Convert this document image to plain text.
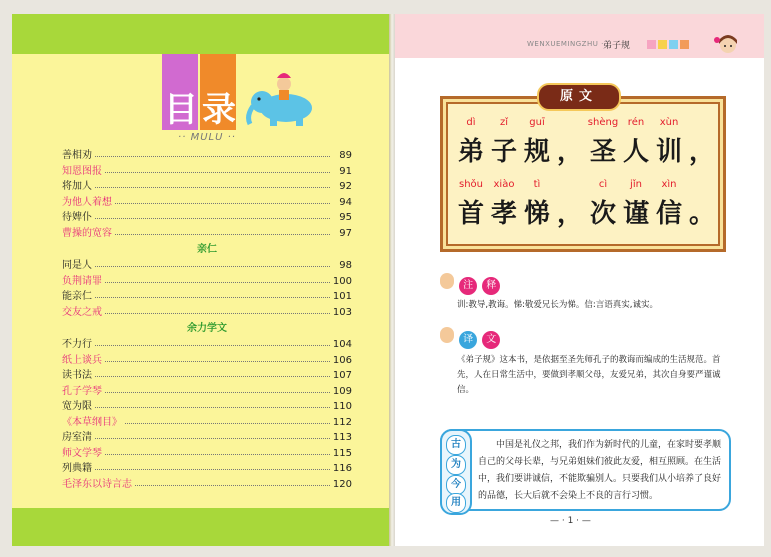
目 录
·· MULU ··
善相劝	89
知恩图报	91
将加人	92
为他人着想	94
待婢仆	95
曹操的宽容	97
亲仁
同是人	98
负荆请罪	100
能亲仁	101
交友之戒	103
余力学文
不力行	104
纸上谈兵	106
读书法	107
孔子学琴	109
宽为限	110
《本草纲目》	112
房室清	113
师文学琴	115
列典籍	116
毛泽东以诗言志	120
WENXUEMINGZHU ···
弟子规
dì
弟
zǐ
子
guī
规 ，
shèng
圣
rén
人
xùn
训 ，
shǒu
首
xiào
孝
tì
悌 ，
cì
次
jǐn
谨
xìn
信 。
原文
注 释
训:教导,教诲。悌:敬爱兄长为悌。信:言语真实,诚实。
译 文
《弟子规》这本书，是依据至圣先师孔子的教诲而编成的生活规范。首先，人在日常生活中，要做到孝顺父母，友爱兄弟，其次自身要严谨诚信。
古
为
今
用
中国是礼仪之邦，我们作为新时代的儿童，在家时要孝顺自己的父母长辈，与兄弟姐妹们彼此友爱，相互照顾。在生活中，我们要讲诚信，不能欺骗别人。只要我们从小培养了良好的品德，长大后就不会染上不良的言行习惯。
— · 1 · —
